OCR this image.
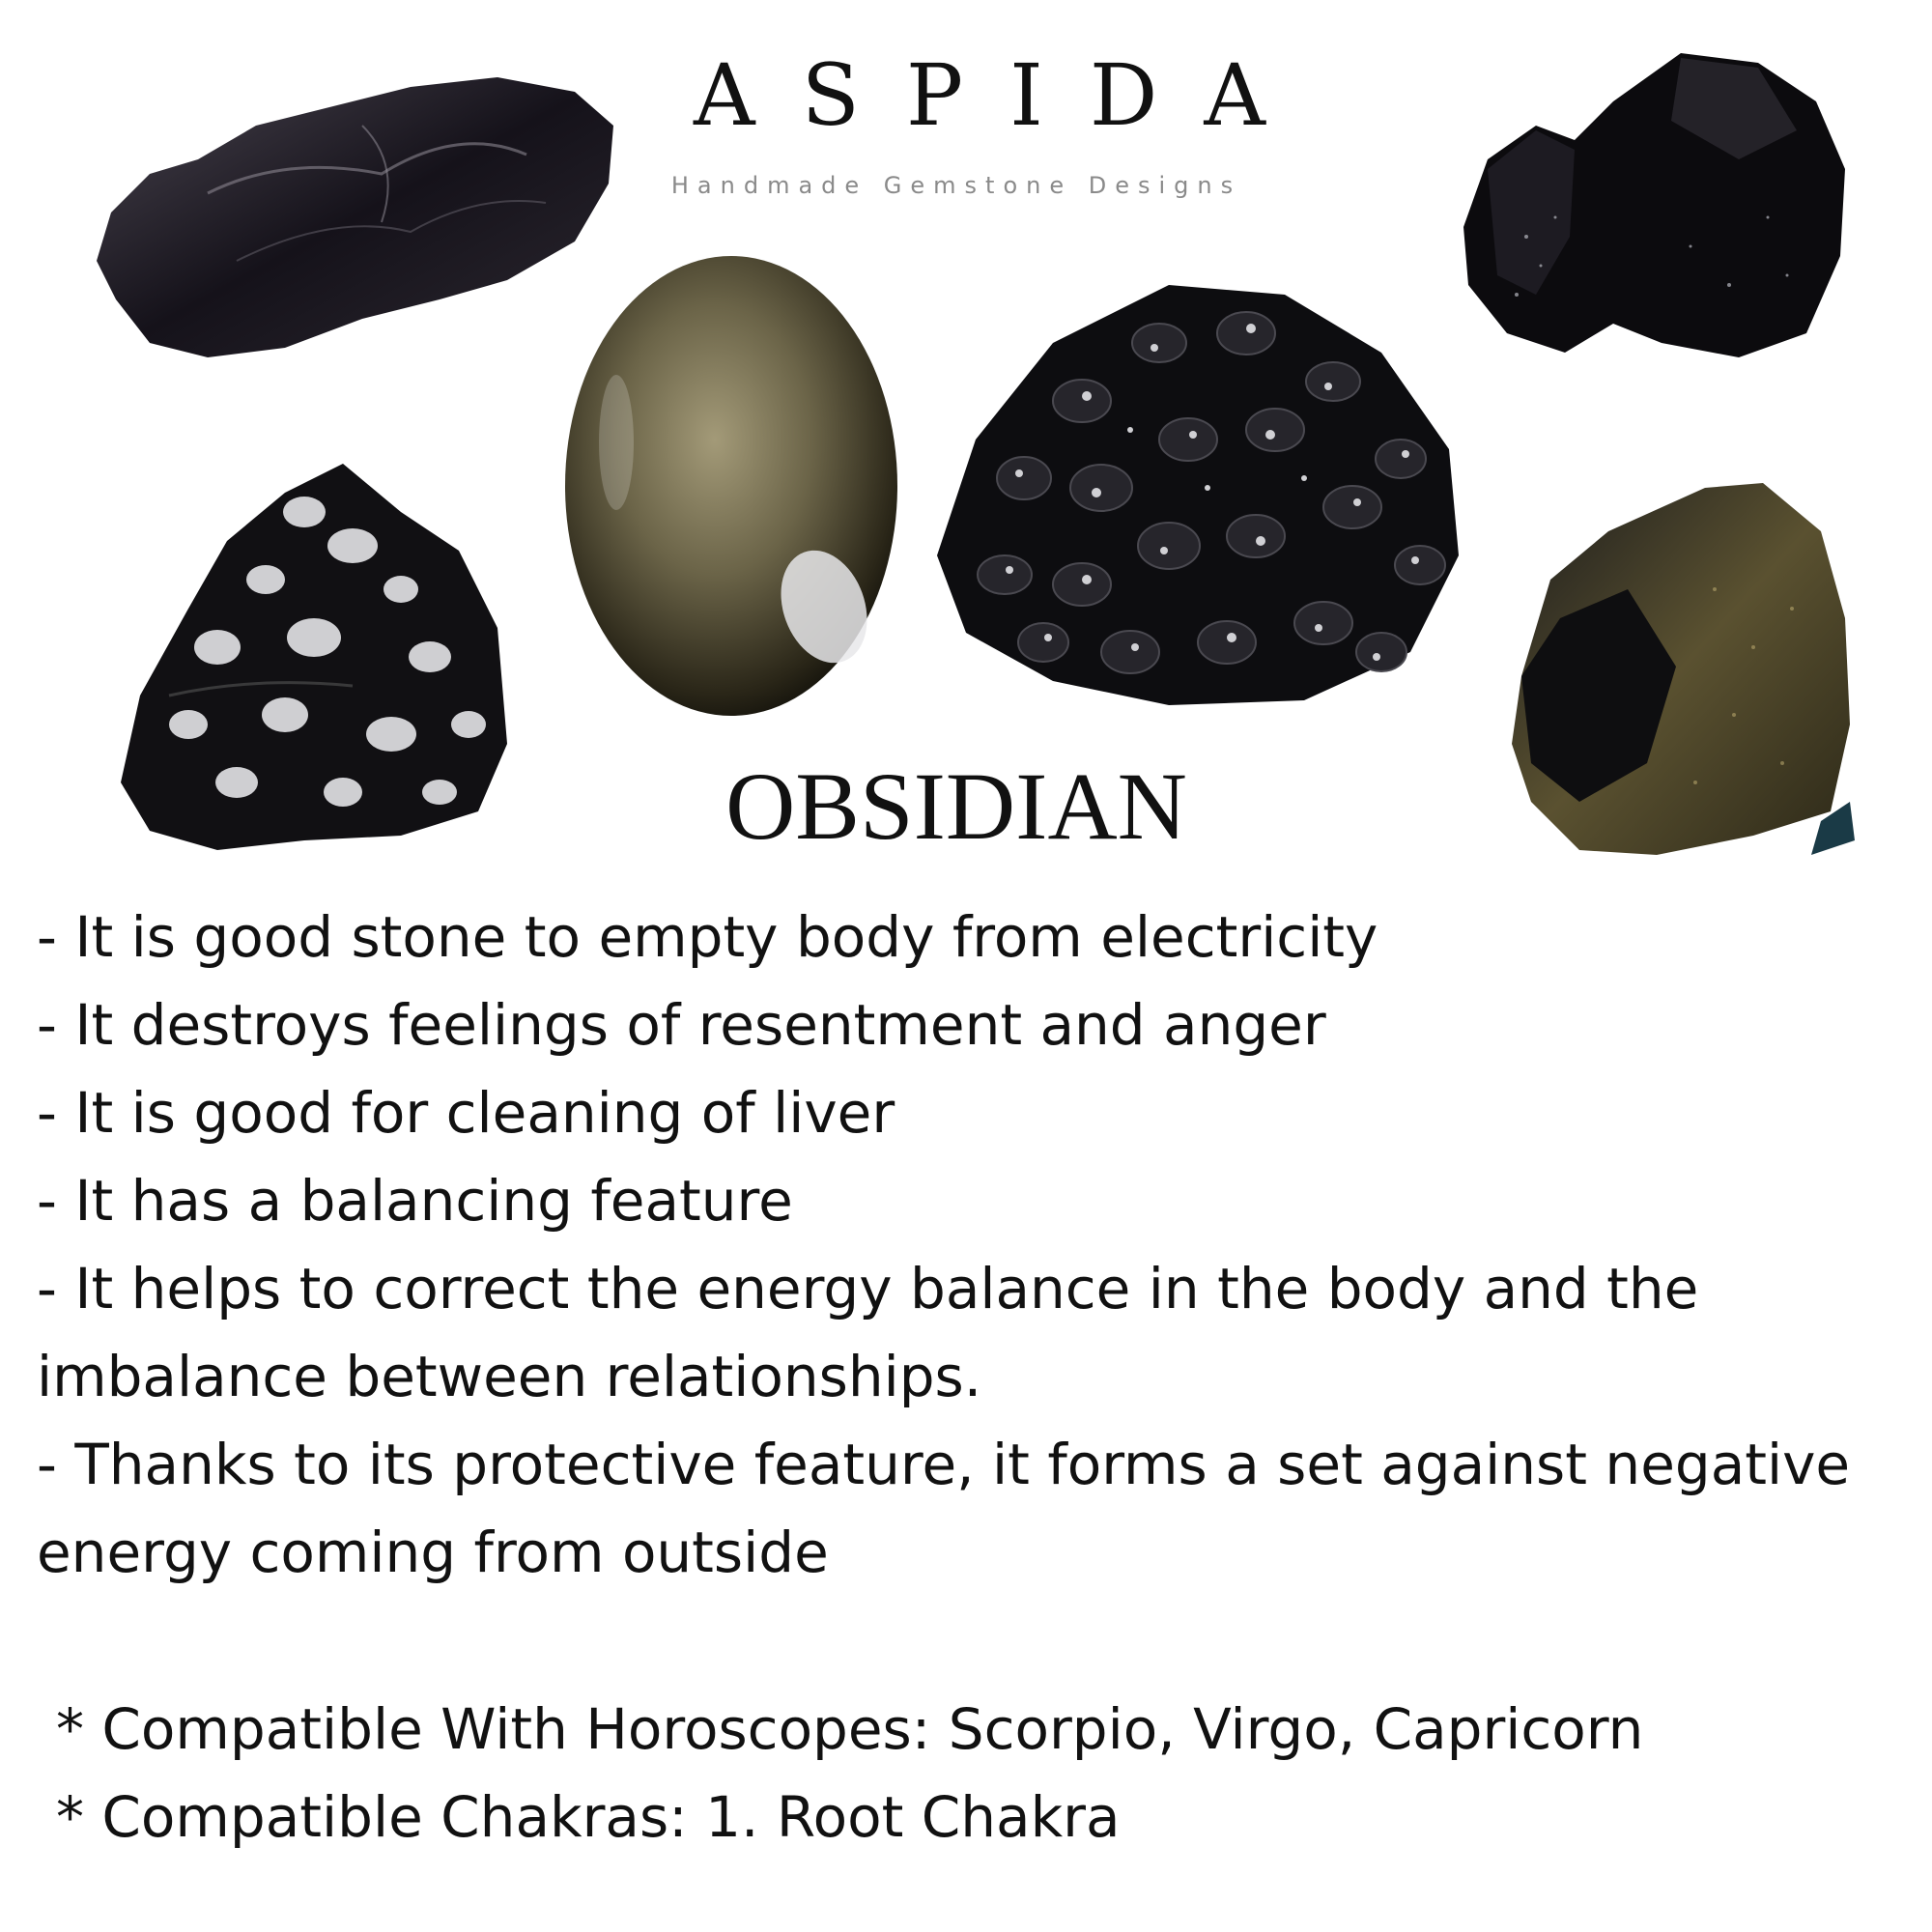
ASPIDA
Handmade Gemstone Designs
OBSIDIAN
- It is good stone to empty body from electricity
- It destroys feelings of resentment and anger
- It is good for cleaning of liver
- It has a balancing feature
- It helps to correct the energy balance in the body and the imbalance between relationships.
- Thanks to its protective feature, it forms a set against negative energy coming from outside
* Compatible With Horoscopes: Scorpio, Virgo, Capricorn
* Compatible Chakras: 1. Root Chakra
